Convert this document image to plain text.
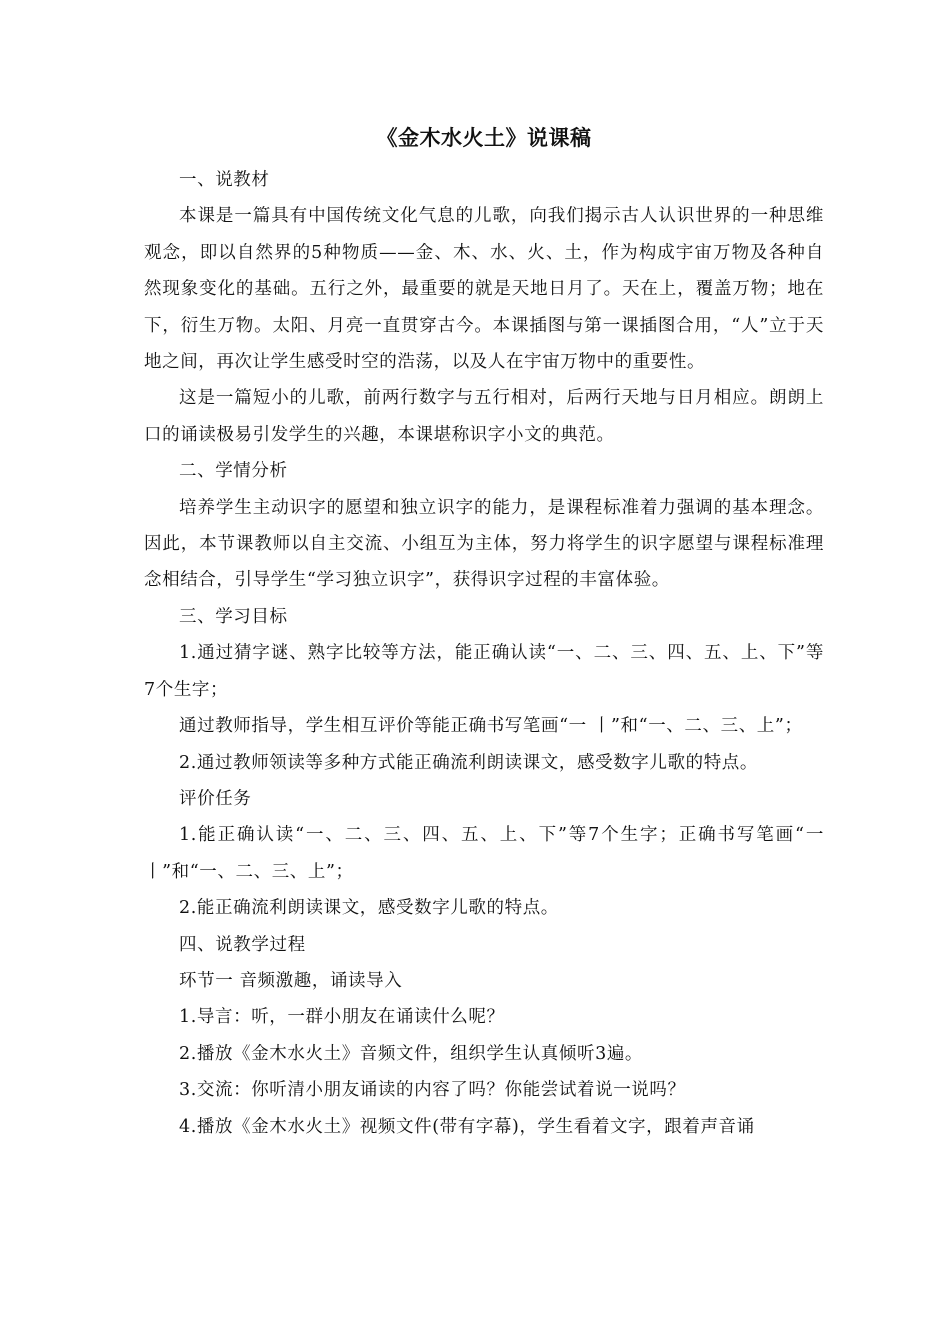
《金木水火土》说课稿

一、说教材

本课是一篇具有中国传统文化气息的儿歌，向我们揭示古人认识世界的一种思维观念，即以自然界的5种物质——金、木、水、火、土，作为构成宇宙万物及各种自然现象变化的基础。五行之外，最重要的就是天地日月了。天在上，覆盖万物；地在下，衍生万物。太阳、月亮一直贯穿古今。本课插图与第一课插图合用，“人”立于天地之间，再次让学生感受时空的浩荡，以及人在宇宙万物中的重要性。

这是一篇短小的儿歌，前两行数字与五行相对，后两行天地与日月相应。朗朗上口的诵读极易引发学生的兴趣，本课堪称识字小文的典范。

二、学情分析

培养学生主动识字的愿望和独立识字的能力，是课程标准着力强调的基本理念。因此，本节课教师以自主交流、小组互为主体，努力将学生的识字愿望与课程标准理念相结合，引导学生“学习独立识字”，获得识字过程的丰富体验。

三、学习目标

1.通过猜字谜、熟字比较等方法，能正确认读“一、二、三、四、五、上、下”等7个生字；

通过教师指导，学生相互评价等能正确书写笔画“一 丨”和“一、二、三、上”；

2.通过教师领读等多种方式能正确流利朗读课文，感受数字儿歌的特点。

评价任务

1.能正确认读“一、二、三、四、五、上、下”等7个生字；正确书写笔画“一 丨”和“一、二、三、上”；

2.能正确流利朗读课文，感受数字儿歌的特点。

四、说教学过程

环节一 音频激趣，诵读导入

1.导言：听，一群小朋友在诵读什么呢？

2.播放《金木水火土》音频文件，组织学生认真倾听3遍。

3.交流：你听清小朋友诵读的内容了吗？你能尝试着说一说吗？

4.播放《金木水火土》视频文件(带有字幕)，学生看着文字，跟着声音诵
